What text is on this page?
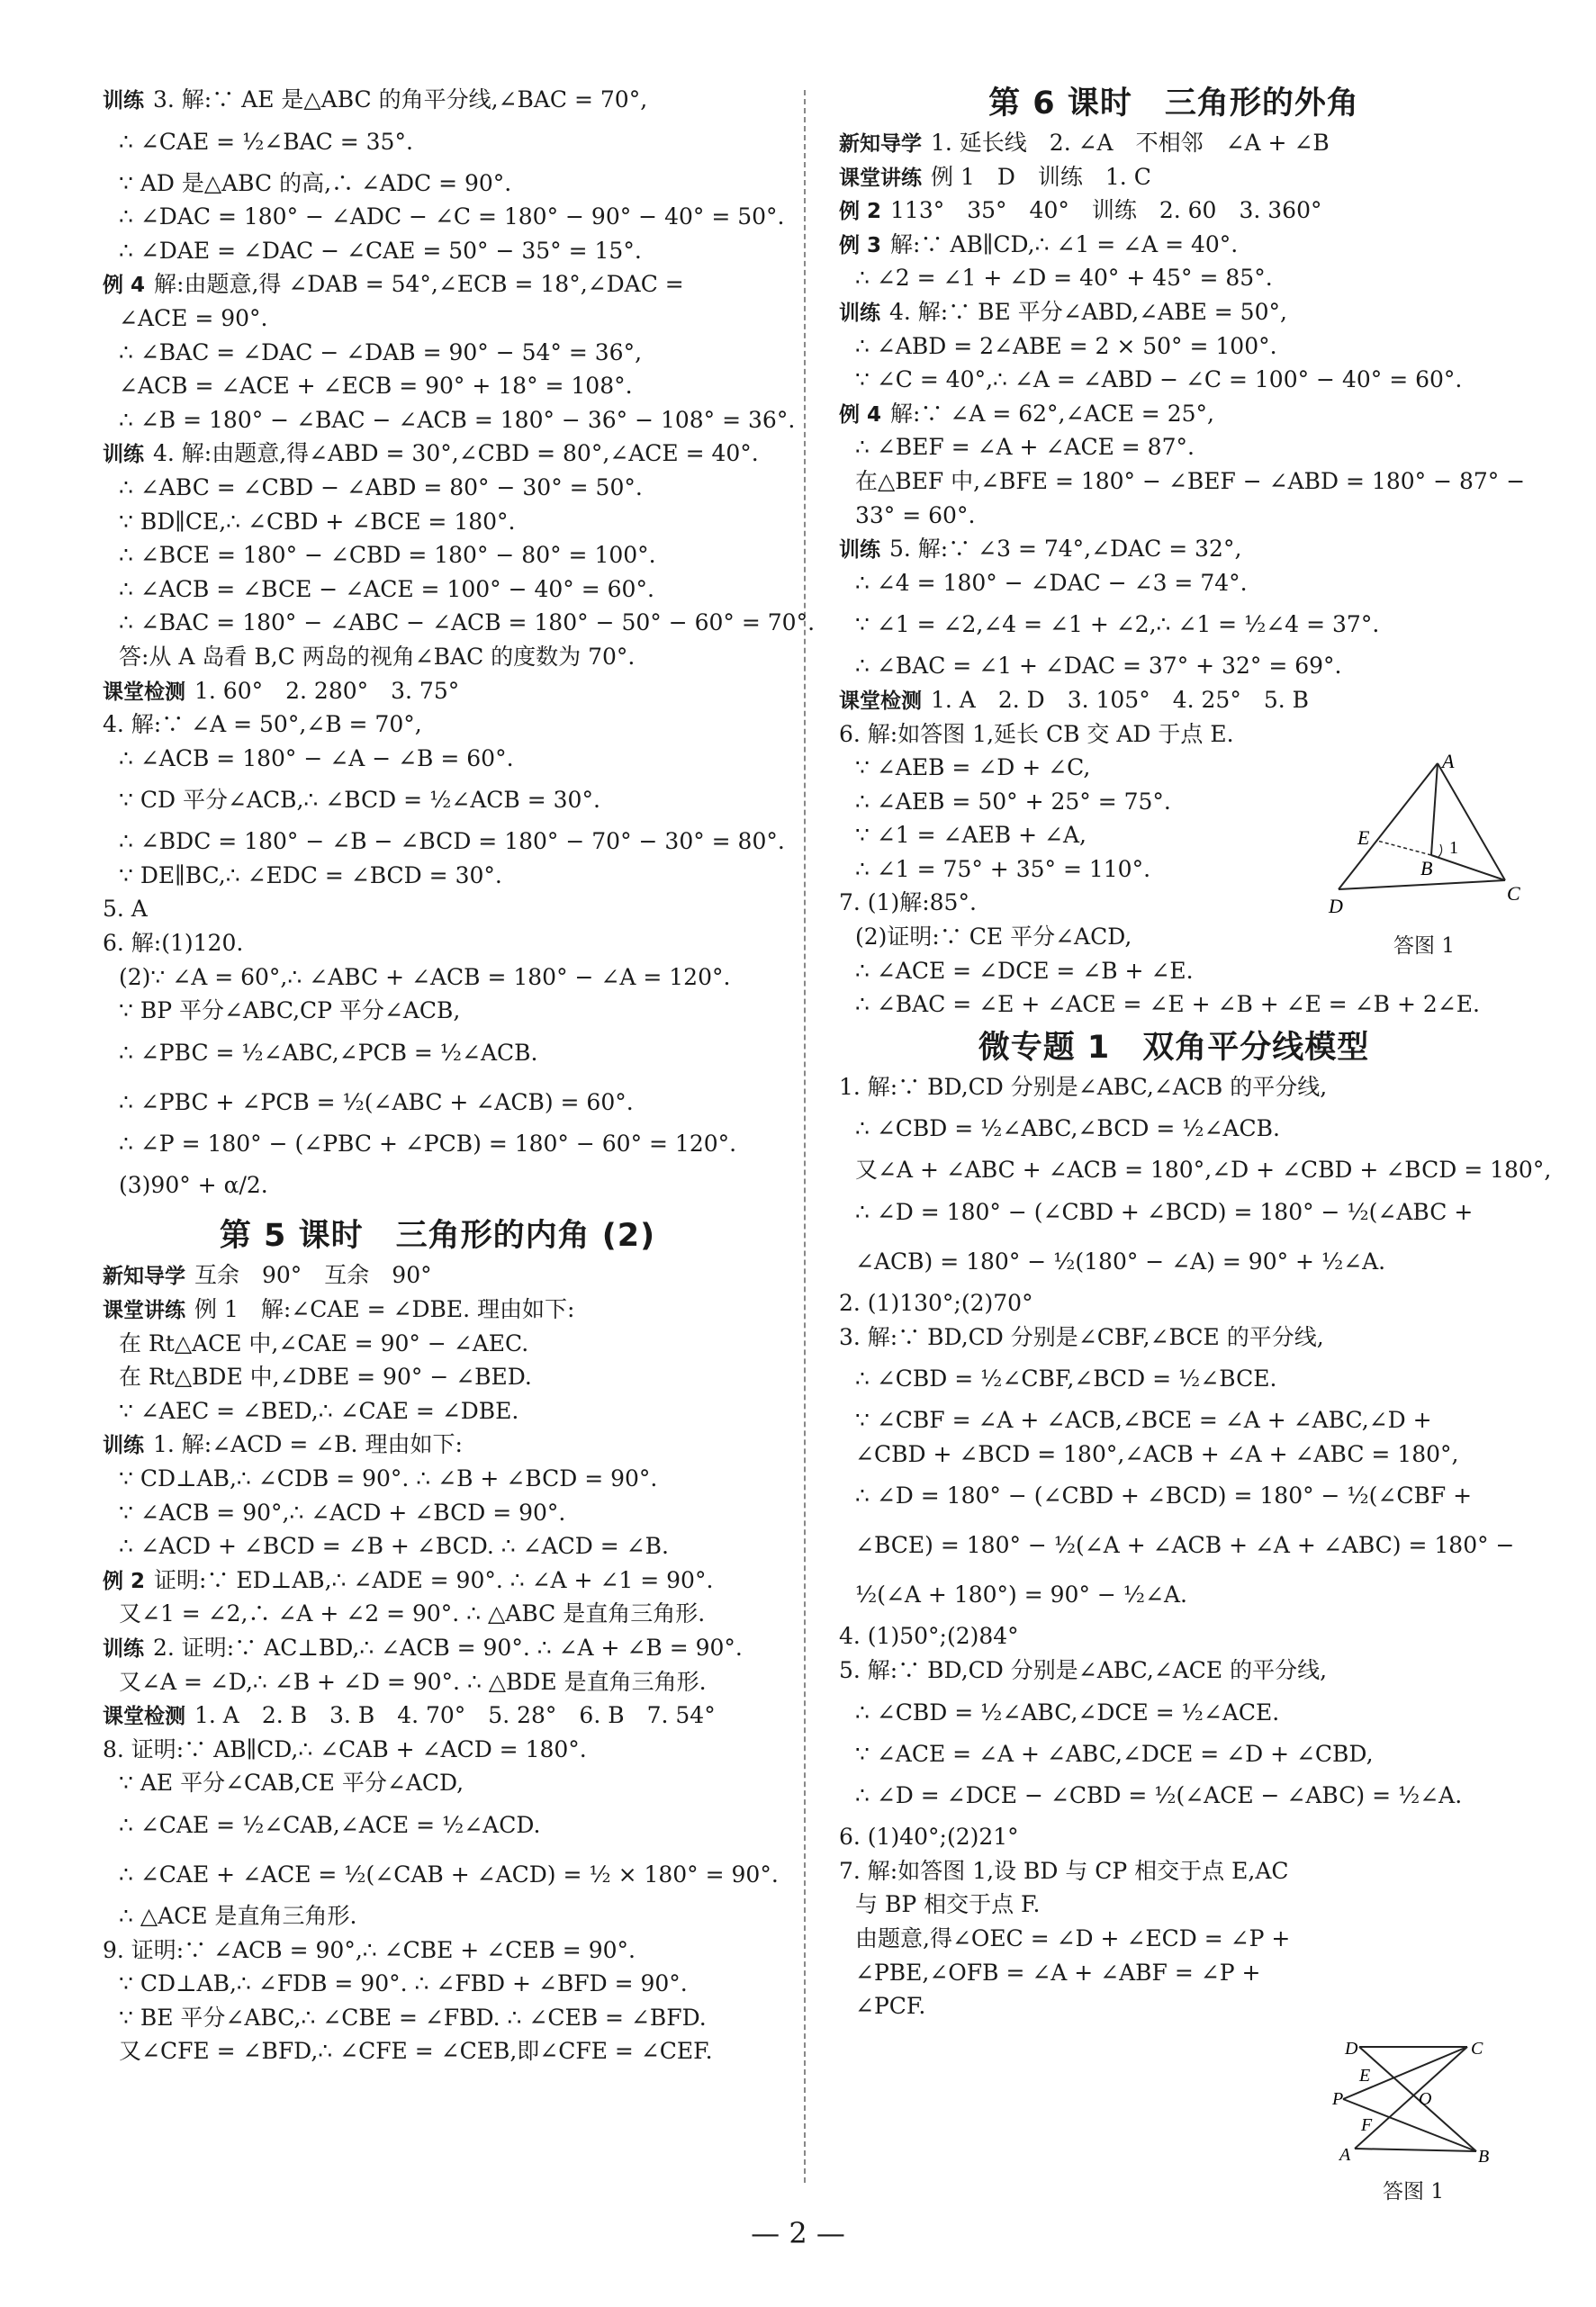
训练 3. 解:∵ AE 是△ABC 的角平分线,∠BAC = 70°,
∴ ∠CAE = ½∠BAC = 35°.
∵ AD 是△ABC 的高,∴ ∠ADC = 90°.
∴ ∠DAC = 180° − ∠ADC − ∠C = 180° − 90° − 40° = 50°.
∴ ∠DAE = ∠DAC − ∠CAE = 50° − 35° = 15°.
例 4 解:由题意,得 ∠DAB = 54°,∠ECB = 18°,∠DAC =
∠ACE = 90°.
∴ ∠BAC = ∠DAC − ∠DAB = 90° − 54° = 36°,
∠ACB = ∠ACE + ∠ECB = 90° + 18° = 108°.
∴ ∠B = 180° − ∠BAC − ∠ACB = 180° − 36° − 108° = 36°.
训练 4. 解:由题意,得∠ABD = 30°,∠CBD = 80°,∠ACE = 40°.
∴ ∠ABC = ∠CBD − ∠ABD = 80° − 30° = 50°.
∵ BD∥CE,∴ ∠CBD + ∠BCE = 180°.
∴ ∠BCE = 180° − ∠CBD = 180° − 80° = 100°.
∴ ∠ACB = ∠BCE − ∠ACE = 100° − 40° = 60°.
∴ ∠BAC = 180° − ∠ABC − ∠ACB = 180° − 50° − 60° = 70°.
答:从 A 岛看 B,C 两岛的视角∠BAC 的度数为 70°.
课堂检测 1. 60°　2. 280°　3. 75°
4. 解:∵ ∠A = 50°,∠B = 70°,
∴ ∠ACB = 180° − ∠A − ∠B = 60°.
∵ CD 平分∠ACB,∴ ∠BCD = ½∠ACB = 30°.
∴ ∠BDC = 180° − ∠B − ∠BCD = 180° − 70° − 30° = 80°.
∵ DE∥BC,∴ ∠EDC = ∠BCD = 30°.
5. A
6. 解:(1)120.
(2)∵ ∠A = 60°,∴ ∠ABC + ∠ACB = 180° − ∠A = 120°.
∵ BP 平分∠ABC,CP 平分∠ACB,
∴ ∠PBC = ½∠ABC,∠PCB = ½∠ACB.
∴ ∠PBC + ∠PCB = ½(∠ABC + ∠ACB) = 60°.
∴ ∠P = 180° − (∠PBC + ∠PCB) = 180° − 60° = 120°.
(3)90° + α/2.
第 5 课时　三角形的内角 (2)
新知导学 互余　90°　互余　90°
课堂讲练 例 1　解:∠CAE = ∠DBE. 理由如下:
在 Rt△ACE 中,∠CAE = 90° − ∠AEC.
在 Rt△BDE 中,∠DBE = 90° − ∠BED.
∵ ∠AEC = ∠BED,∴ ∠CAE = ∠DBE.
训练 1. 解:∠ACD = ∠B. 理由如下:
∵ CD⊥AB,∴ ∠CDB = 90°. ∴ ∠B + ∠BCD = 90°.
∵ ∠ACB = 90°,∴ ∠ACD + ∠BCD = 90°.
∴ ∠ACD + ∠BCD = ∠B + ∠BCD. ∴ ∠ACD = ∠B.
例 2 证明:∵ ED⊥AB,∴ ∠ADE = 90°. ∴ ∠A + ∠1 = 90°.
又∠1 = ∠2,∴ ∠A + ∠2 = 90°. ∴ △ABC 是直角三角形.
训练 2. 证明:∵ AC⊥BD,∴ ∠ACB = 90°. ∴ ∠A + ∠B = 90°.
又∠A = ∠D,∴ ∠B + ∠D = 90°. ∴ △BDE 是直角三角形.
课堂检测 1. A　2. B　3. B　4. 70°　5. 28°　6. B　7. 54°
8. 证明:∵ AB∥CD,∴ ∠CAB + ∠ACD = 180°.
∵ AE 平分∠CAB,CE 平分∠ACD,
∴ ∠CAE = ½∠CAB,∠ACE = ½∠ACD.
∴ ∠CAE + ∠ACE = ½(∠CAB + ∠ACD) = ½ × 180° = 90°.
∴ △ACE 是直角三角形.
9. 证明:∵ ∠ACB = 90°,∴ ∠CBE + ∠CEB = 90°.
∵ CD⊥AB,∴ ∠FDB = 90°. ∴ ∠FBD + ∠BFD = 90°.
∵ BE 平分∠ABC,∴ ∠CBE = ∠FBD. ∴ ∠CEB = ∠BFD.
又∠CFE = ∠BFD,∴ ∠CFE = ∠CEB,即∠CFE = ∠CEF.
第 6 课时　三角形的外角
新知导学 1. 延长线　2. ∠A　不相邻　∠A + ∠B
课堂讲练 例 1　D　训练　1. C
例 2 113°　35°　40°　训练　2. 60　3. 360°
例 3 解:∵ AB∥CD,∴ ∠1 = ∠A = 40°.
∴ ∠2 = ∠1 + ∠D = 40° + 45° = 85°.
训练 4. 解:∵ BE 平分∠ABD,∠ABE = 50°,
∴ ∠ABD = 2∠ABE = 2 × 50° = 100°.
∵ ∠C = 40°,∴ ∠A = ∠ABD − ∠C = 100° − 40° = 60°.
例 4 解:∵ ∠A = 62°,∠ACE = 25°,
∴ ∠BEF = ∠A + ∠ACE = 87°.
在△BEF 中,∠BFE = 180° − ∠BEF − ∠ABD = 180° − 87° −
33° = 60°.
训练 5. 解:∵ ∠3 = 74°,∠DAC = 32°,
∴ ∠4 = 180° − ∠DAC − ∠3 = 74°.
∵ ∠1 = ∠2,∠4 = ∠1 + ∠2,∴ ∠1 = ½∠4 = 37°.
∴ ∠BAC = ∠1 + ∠DAC = 37° + 32° = 69°.
课堂检测 1. A　2. D　3. 105°　4. 25°　5. B
6. 解:如答图 1,延长 CB 交 AD 于点 E.
∵ ∠AEB = ∠D + ∠C,
∴ ∠AEB = 50° + 25° = 75°.
∵ ∠1 = ∠AEB + ∠A,
∴ ∠1 = 75° + 35° = 110°.
7. (1)解:85°.
(2)证明:∵ CE 平分∠ACD,
∴ ∠ACE = ∠DCE = ∠B + ∠E.
∴ ∠BAC = ∠E + ∠ACE = ∠E + ∠B + ∠E = ∠B + 2∠E.
微专题 1　双角平分线模型
1. 解:∵ BD,CD 分别是∠ABC,∠ACB 的平分线,
∴ ∠CBD = ½∠ABC,∠BCD = ½∠ACB.
又∠A + ∠ABC + ∠ACB = 180°,∠D + ∠CBD + ∠BCD = 180°,
∴ ∠D = 180° − (∠CBD + ∠BCD) = 180° − ½(∠ABC +
∠ACB) = 180° − ½(180° − ∠A) = 90° + ½∠A.
2. (1)130°;(2)70°
3. 解:∵ BD,CD 分别是∠CBF,∠BCE 的平分线,
∴ ∠CBD = ½∠CBF,∠BCD = ½∠BCE.
∵ ∠CBF = ∠A + ∠ACB,∠BCE = ∠A + ∠ABC,∠D +
∠CBD + ∠BCD = 180°,∠ACB + ∠A + ∠ABC = 180°,
∴ ∠D = 180° − (∠CBD + ∠BCD) = 180° − ½(∠CBF +
∠BCE) = 180° − ½(∠A + ∠ACB + ∠A + ∠ABC) = 180° −
½(∠A + 180°) = 90° − ½∠A.
4. (1)50°;(2)84°
5. 解:∵ BD,CD 分别是∠ABC,∠ACE 的平分线,
∴ ∠CBD = ½∠ABC,∠DCE = ½∠ACE.
∵ ∠ACE = ∠A + ∠ABC,∠DCE = ∠D + ∠CBD,
∴ ∠D = ∠DCE − ∠CBD = ½(∠ACE − ∠ABC) = ½∠A.
6. (1)40°;(2)21°
7. 解:如答图 1,设 BD 与 CP 相交于点 E,AC
与 BP 相交于点 F.
由题意,得∠OEC = ∠D + ∠ECD = ∠P +
∠PBE,∠OFB = ∠A + ∠ABF = ∠P +
∠PCF.
A
E	1
B
D
C
答图 1
D	C
E
P	O
F
A	B
答图 1
— 2 —
